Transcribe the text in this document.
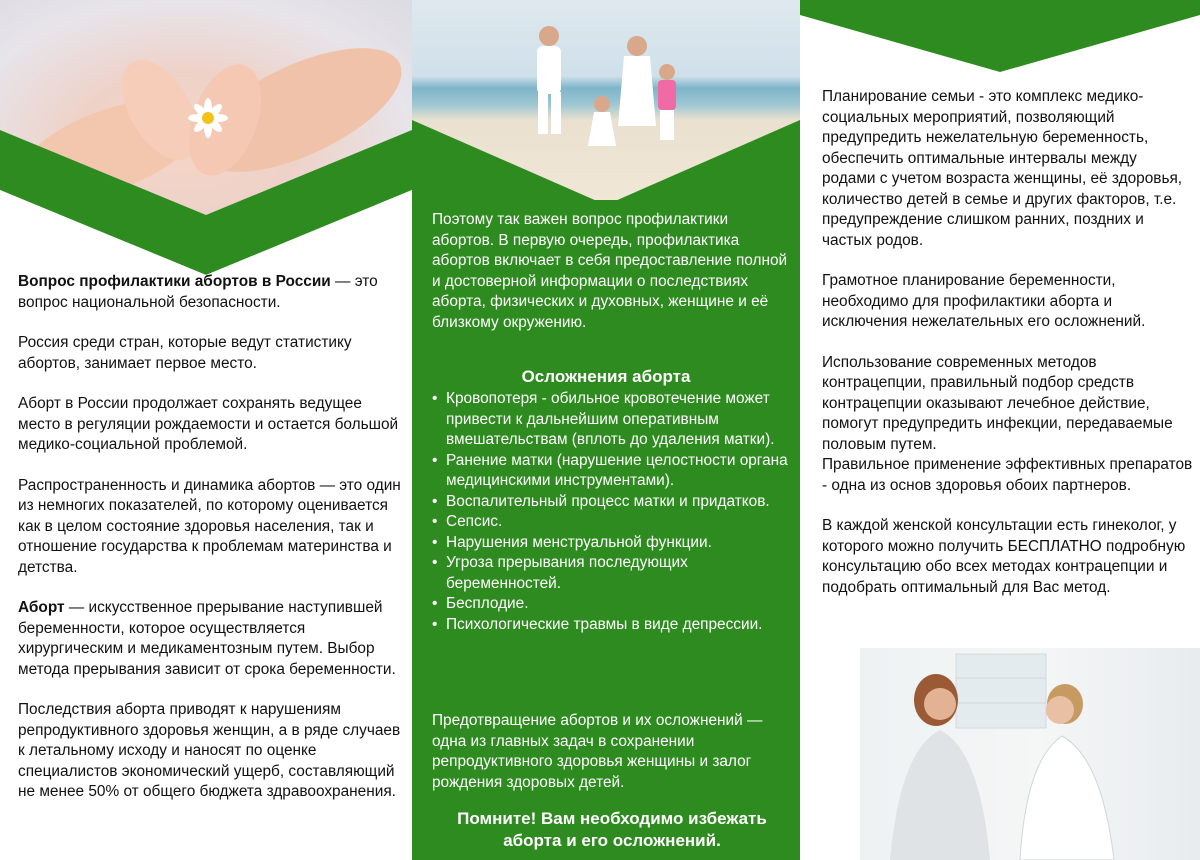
Вопрос профилактики абортов в России — это вопрос национальной безопасности.

Россия среди стран, которые ведут статистику абортов, занимает первое место.

Аборт в России продолжает сохранять ведущее место в регуляции рождаемости и остается большой медико-социальной проблемой.

Распространенность и динамика абортов — это один из немногих показателей, по которому оценивается как в целом состояние здоровья населения, так и отношение государства к проблемам материнства и детства.

Аборт — искусственное прерывание наступившей беременности, которое осуществляется хирургическим и медикаментозным путем. Выбор метода прерывания зависит от срока беременности.

Последствия аборта приводят к нарушениям репродуктивного здоровья женщин, а в ряде случаев к летальному исходу и наносят по оценке специалистов экономический ущерб, составляющий не менее 50% от общего бюджета здравоохранения.

Поэтому так важен вопрос профилактики абортов. В первую очередь, профилактика абортов включает в себя предоставление полной и достоверной информации о последствиях аборта, физических и духовных, женщине и её близкому окружению.
Осложнения аборта
• Кровопотеря - обильное кровотечение может привести к дальнейшим оперативным вмешательствам (вплоть до удаления матки).
• Ранение матки (нарушение целостности органа медицинскими инструментами).
• Воспалительный процесс матки и придатков.
• Сепсис.
• Нарушения менструальной функции.
• Угроза прерывания последующих беременностей.
• Бесплодие.
• Психологические травмы в виде депрессии.
Предотвращение абортов и их осложнений — одна из главных задач в сохранении репродуктивного здоровья женщины и залог рождения здоровых детей.
Помните! Вам необходимо избежать аборта и его осложнений.

Планирование семьи - это комплекс медико-социальных мероприятий, позволяющий предупредить нежелательную беременность, обеспечить оптимальные интервалы между родами с учетом возраста женщины, её здоровья, количество детей в семье и других факторов, т.е. предупреждение слишком ранних, поздних и частых родов.

Грамотное планирование беременности, необходимо для профилактики аборта и исключения нежелательных его осложнений.

Использование современных методов контрацепции, правильный подбор средств контрацепции оказывают лечебное действие, помогут предупредить инфекции, передаваемые половым путем.

Правильное применение эффективных препаратов - одна из основ здоровья обоих партнеров.

В каждой женской консультации есть гинеколог, у которого можно получить БЕСПЛАТНО подробную консультацию обо всех методах контрацепции и подобрать оптимальный для Вас метод.
